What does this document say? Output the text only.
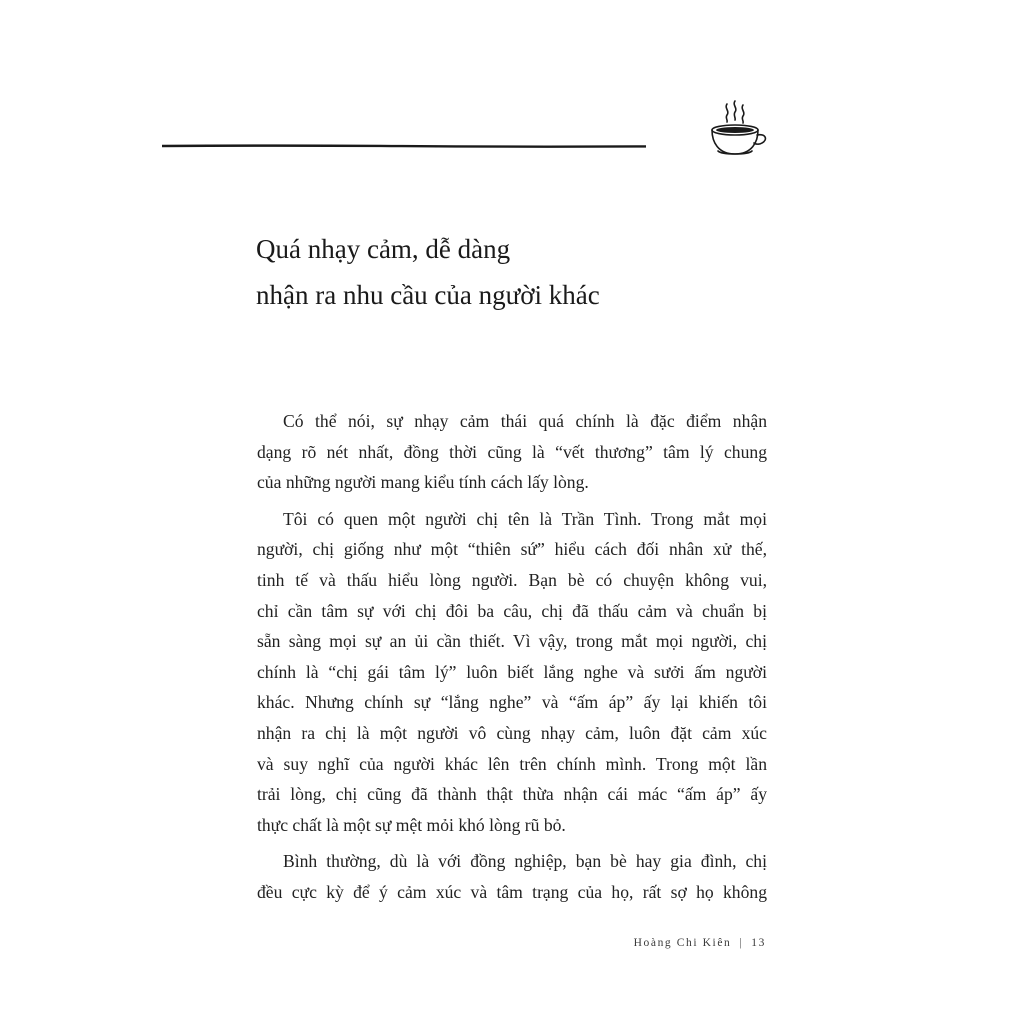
Quá nhạy cảm, dễ dàng
nhận ra nhu cầu của người khác

Có thể nói, sự nhạy cảm thái quá chính là đặc điểm nhận
dạng rõ nét nhất, đồng thời cũng là “vết thương” tâm lý chung
của những người mang kiểu tính cách lấy lòng.

Tôi có quen một người chị tên là Trần Tình. Trong mắt mọi
người, chị giống như một “thiên sứ” hiểu cách đối nhân xử thế,
tinh tế và thấu hiểu lòng người. Bạn bè có chuyện không vui,
chỉ cần tâm sự với chị đôi ba câu, chị đã thấu cảm và chuẩn bị
sẵn sàng mọi sự an ủi cần thiết. Vì vậy, trong mắt mọi người, chị
chính là “chị gái tâm lý” luôn biết lắng nghe và sưởi ấm người
khác. Nhưng chính sự “lắng nghe” và “ấm áp” ấy lại khiến tôi
nhận ra chị là một người vô cùng nhạy cảm, luôn đặt cảm xúc
và suy nghĩ của người khác lên trên chính mình. Trong một lần
trải lòng, chị cũng đã thành thật thừa nhận cái mác “ấm áp” ấy
thực chất là một sự mệt mỏi khó lòng rũ bỏ.

Bình thường, dù là với đồng nghiệp, bạn bè hay gia đình, chị
đều cực kỳ để ý cảm xúc và tâm trạng của họ, rất sợ họ không

Hoàng Chi Kiên | 13
